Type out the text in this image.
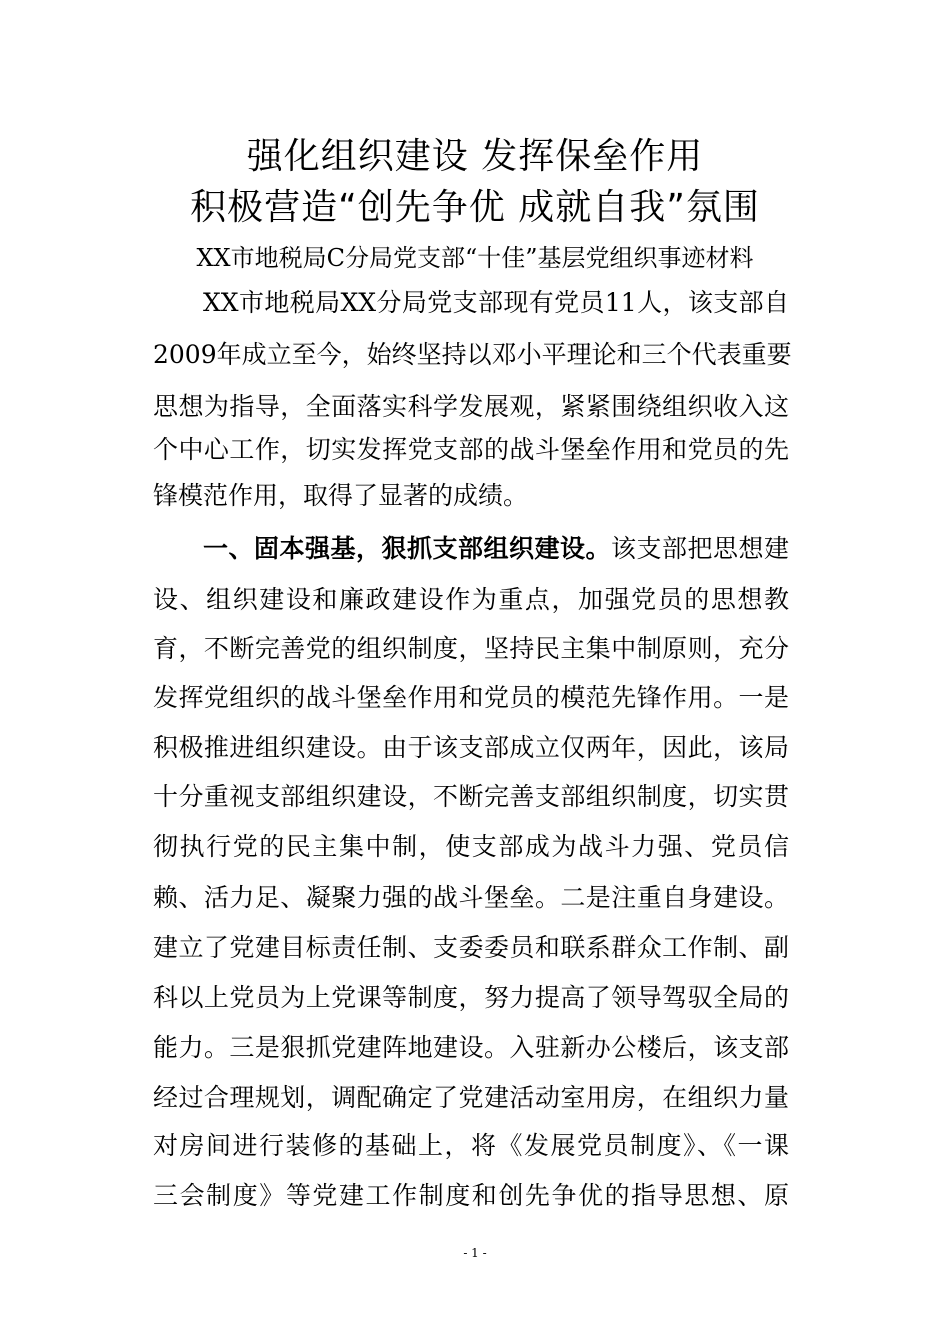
强化组织建设 发挥保垒作用
积极营造“创先争优 成就自我”氛围
XX市地税局C分局党支部“十佳”基层党组织事迹材料
XX市地税局XX分局党支部现有党员11人，该支部自
2009年成立至今，始终坚持以邓小平理论和三个代表重要
思想为指导，全面落实科学发展观，紧紧围绕组织收入这
个中心工作，切实发挥党支部的战斗堡垒作用和党员的先
锋模范作用，取得了显著的成绩。
一、固本强基，狠抓支部组织建设。该支部把思想建
设、组织建设和廉政建设作为重点，加强党员的思想教
育，不断完善党的组织制度，坚持民主集中制原则，充分
发挥党组织的战斗堡垒作用和党员的模范先锋作用。一是
积极推进组织建设。由于该支部成立仅两年，因此，该局
十分重视支部组织建设，不断完善支部组织制度，切实贯
彻执行党的民主集中制，使支部成为战斗力强、党员信
赖、活力足、凝聚力强的战斗堡垒。二是注重自身建设。
建立了党建目标责任制、支委委员和联系群众工作制、副
科以上党员为上党课等制度，努力提高了领导驾驭全局的
能力。三是狠抓党建阵地建设。入驻新办公楼后，该支部
经过合理规划，调配确定了党建活动室用房，在组织力量
对房间进行装修的基础上，将《发展党员制度》、《一课
三会制度》等党建工作制度和创先争优的指导思想、原
- 1 -
